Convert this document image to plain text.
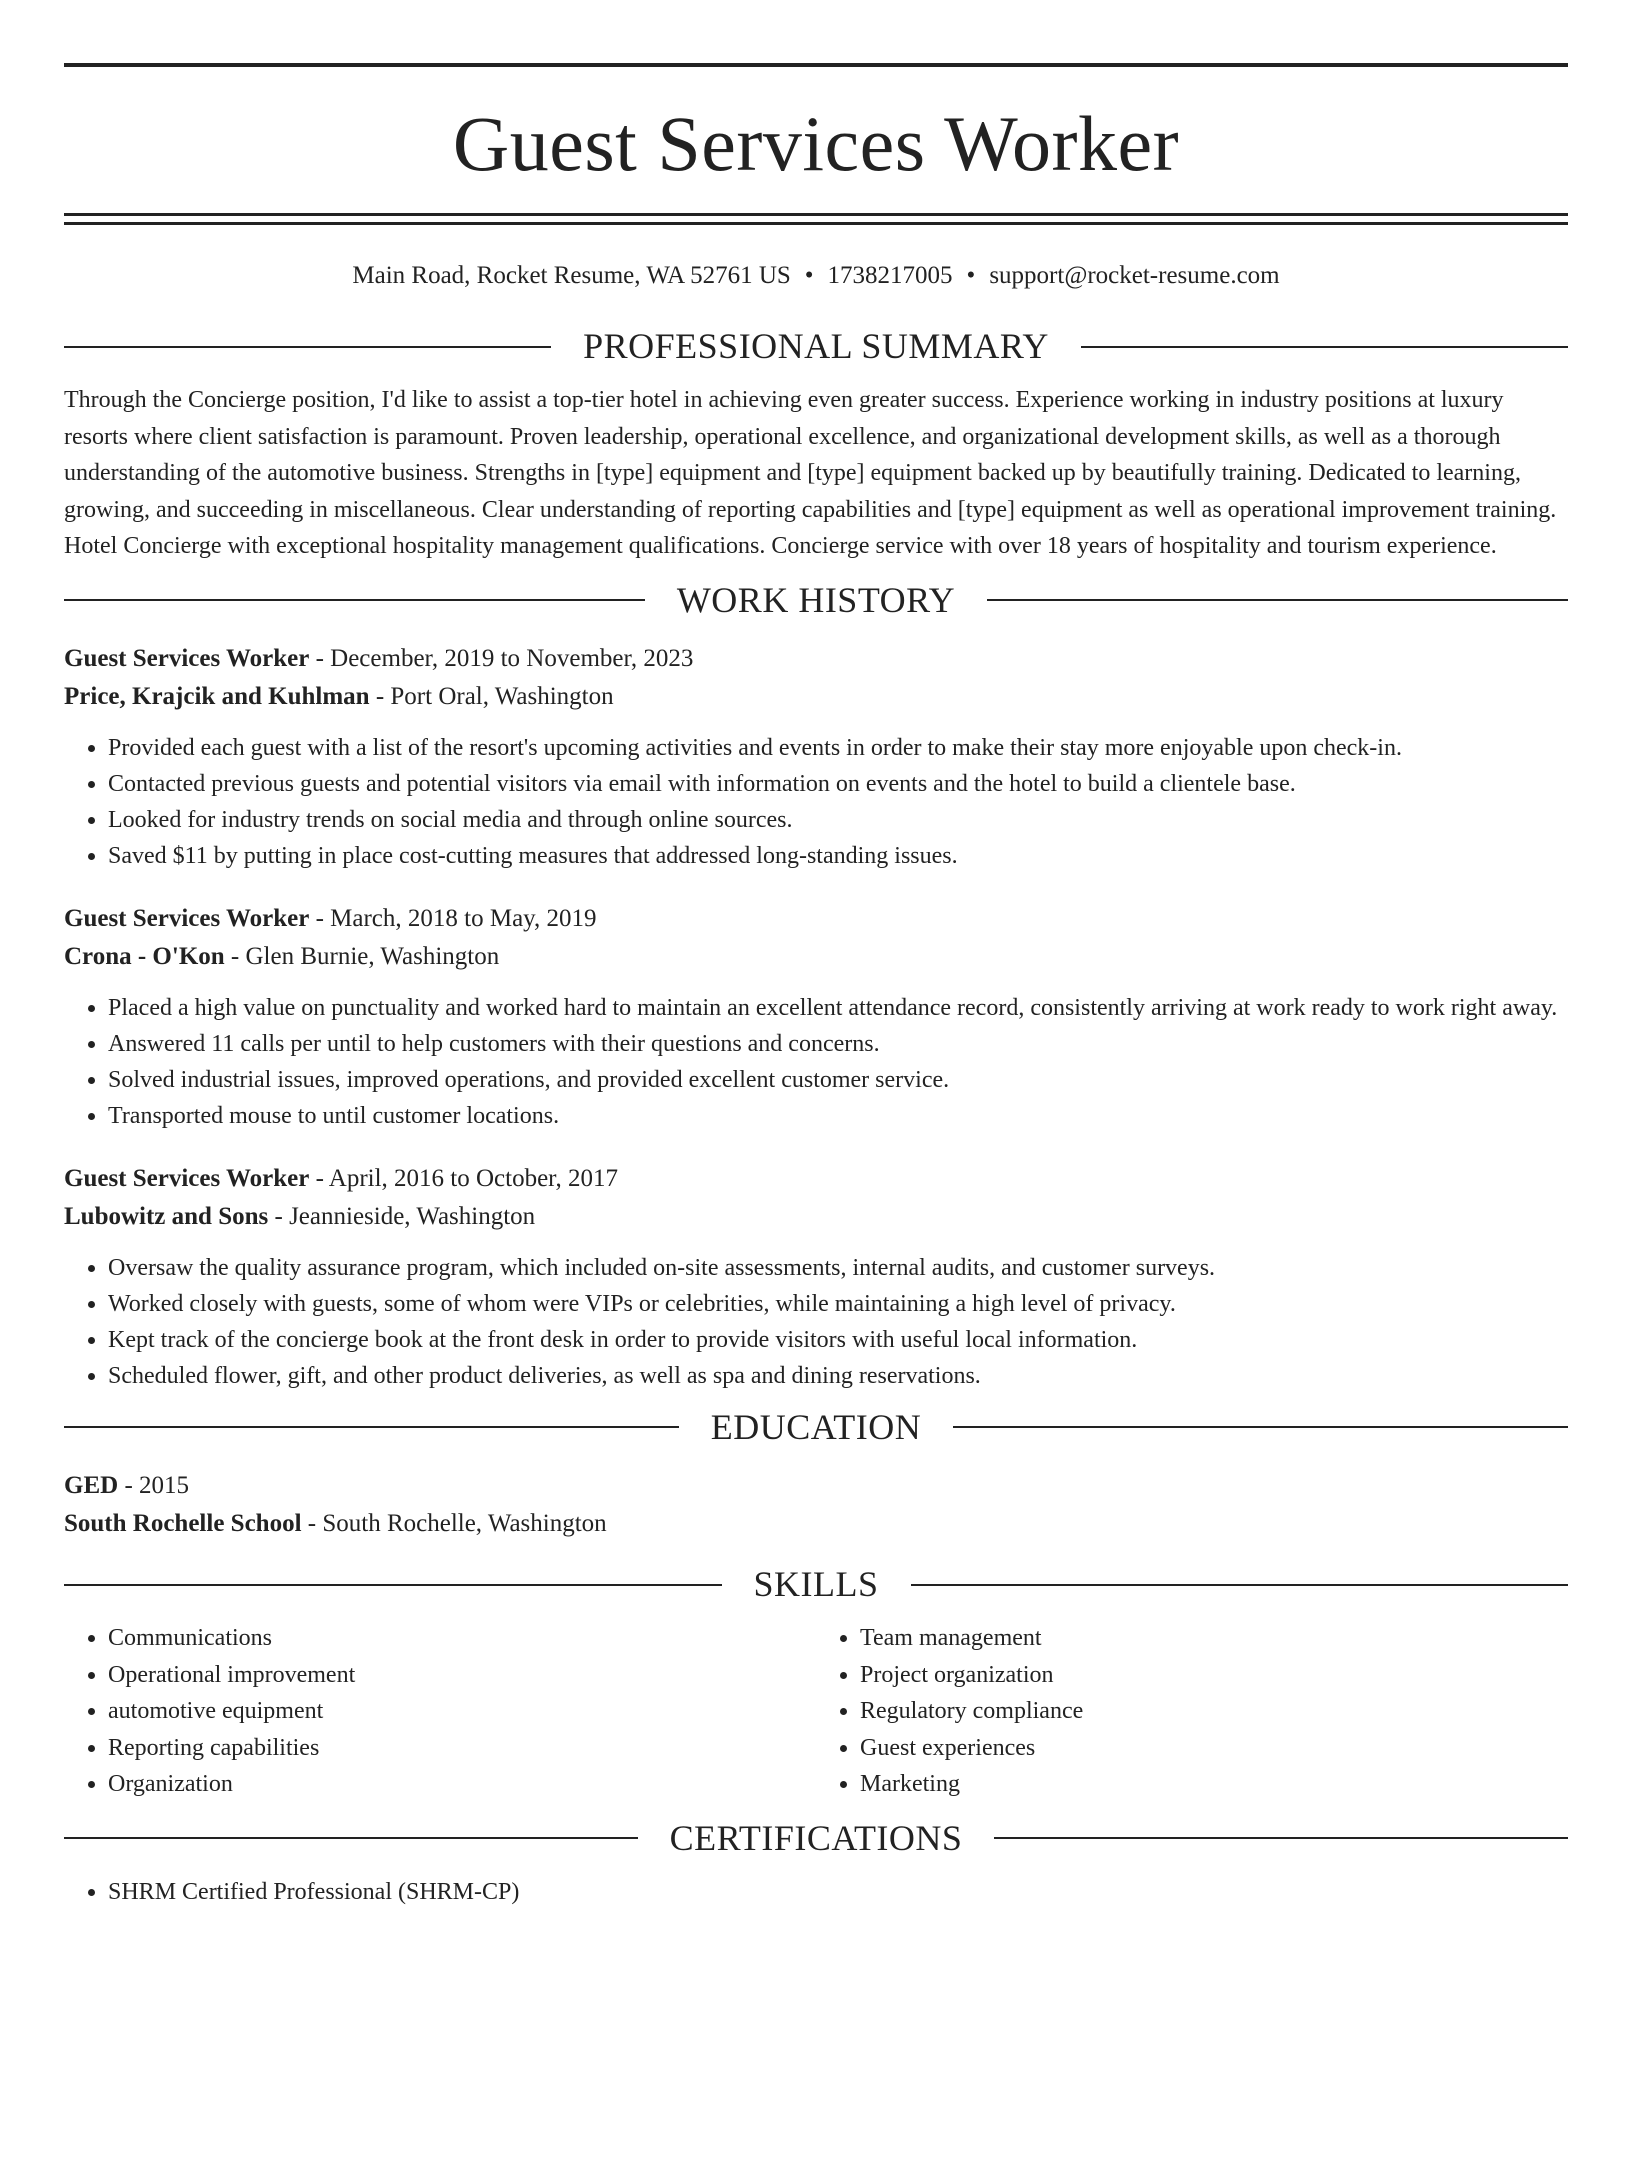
Guest Services Worker
Main Road, Rocket Resume, WA 52761 US • 1738217005 • support@rocket-resume.com
PROFESSIONAL SUMMARY

Through the Concierge position, I'd like to assist a top-tier hotel in achieving even greater success. Experience working in industry positions at luxury resorts where client satisfaction is paramount. Proven leadership, operational excellence, and organizational development skills, as well as a thorough understanding of the automotive business. Strengths in [type] equipment and [type] equipment backed up by beautifully training. Dedicated to learning, growing, and succeeding in miscellaneous. Clear understanding of reporting capabilities and [type] equipment as well as operational improvement training. Hotel Concierge with exceptional hospitality management qualifications. Concierge service with over 18 years of hospitality and tourism experience.

WORK HISTORY
Guest Services Worker - December, 2019 to November, 2023
Price, Krajcik and Kuhlman - Port Oral, Washington
• Provided each guest with a list of the resort's upcoming activities and events in order to make their stay more enjoyable upon check-in.
• Contacted previous guests and potential visitors via email with information on events and the hotel to build a clientele base.
• Looked for industry trends on social media and through online sources.
• Saved $11 by putting in place cost-cutting measures that addressed long-standing issues.
Guest Services Worker - March, 2018 to May, 2019
Crona - O'Kon - Glen Burnie, Washington
• Placed a high value on punctuality and worked hard to maintain an excellent attendance record, consistently arriving at work ready to work right away.
• Answered 11 calls per until to help customers with their questions and concerns.
• Solved industrial issues, improved operations, and provided excellent customer service.
• Transported mouse to until customer locations.
Guest Services Worker - April, 2016 to October, 2017
Lubowitz and Sons - Jeannieside, Washington
• Oversaw the quality assurance program, which included on-site assessments, internal audits, and customer surveys.
• Worked closely with guests, some of whom were VIPs or celebrities, while maintaining a high level of privacy.
• Kept track of the concierge book at the front desk in order to provide visitors with useful local information.
• Scheduled flower, gift, and other product deliveries, as well as spa and dining reservations.
EDUCATION
GED - 2015
South Rochelle School - South Rochelle, Washington
SKILLS
• Communications
• Operational improvement
• automotive equipment
• Reporting capabilities
• Organization
• Team management
• Project organization
• Regulatory compliance
• Guest experiences
• Marketing
CERTIFICATIONS
• SHRM Certified Professional (SHRM-CP)
